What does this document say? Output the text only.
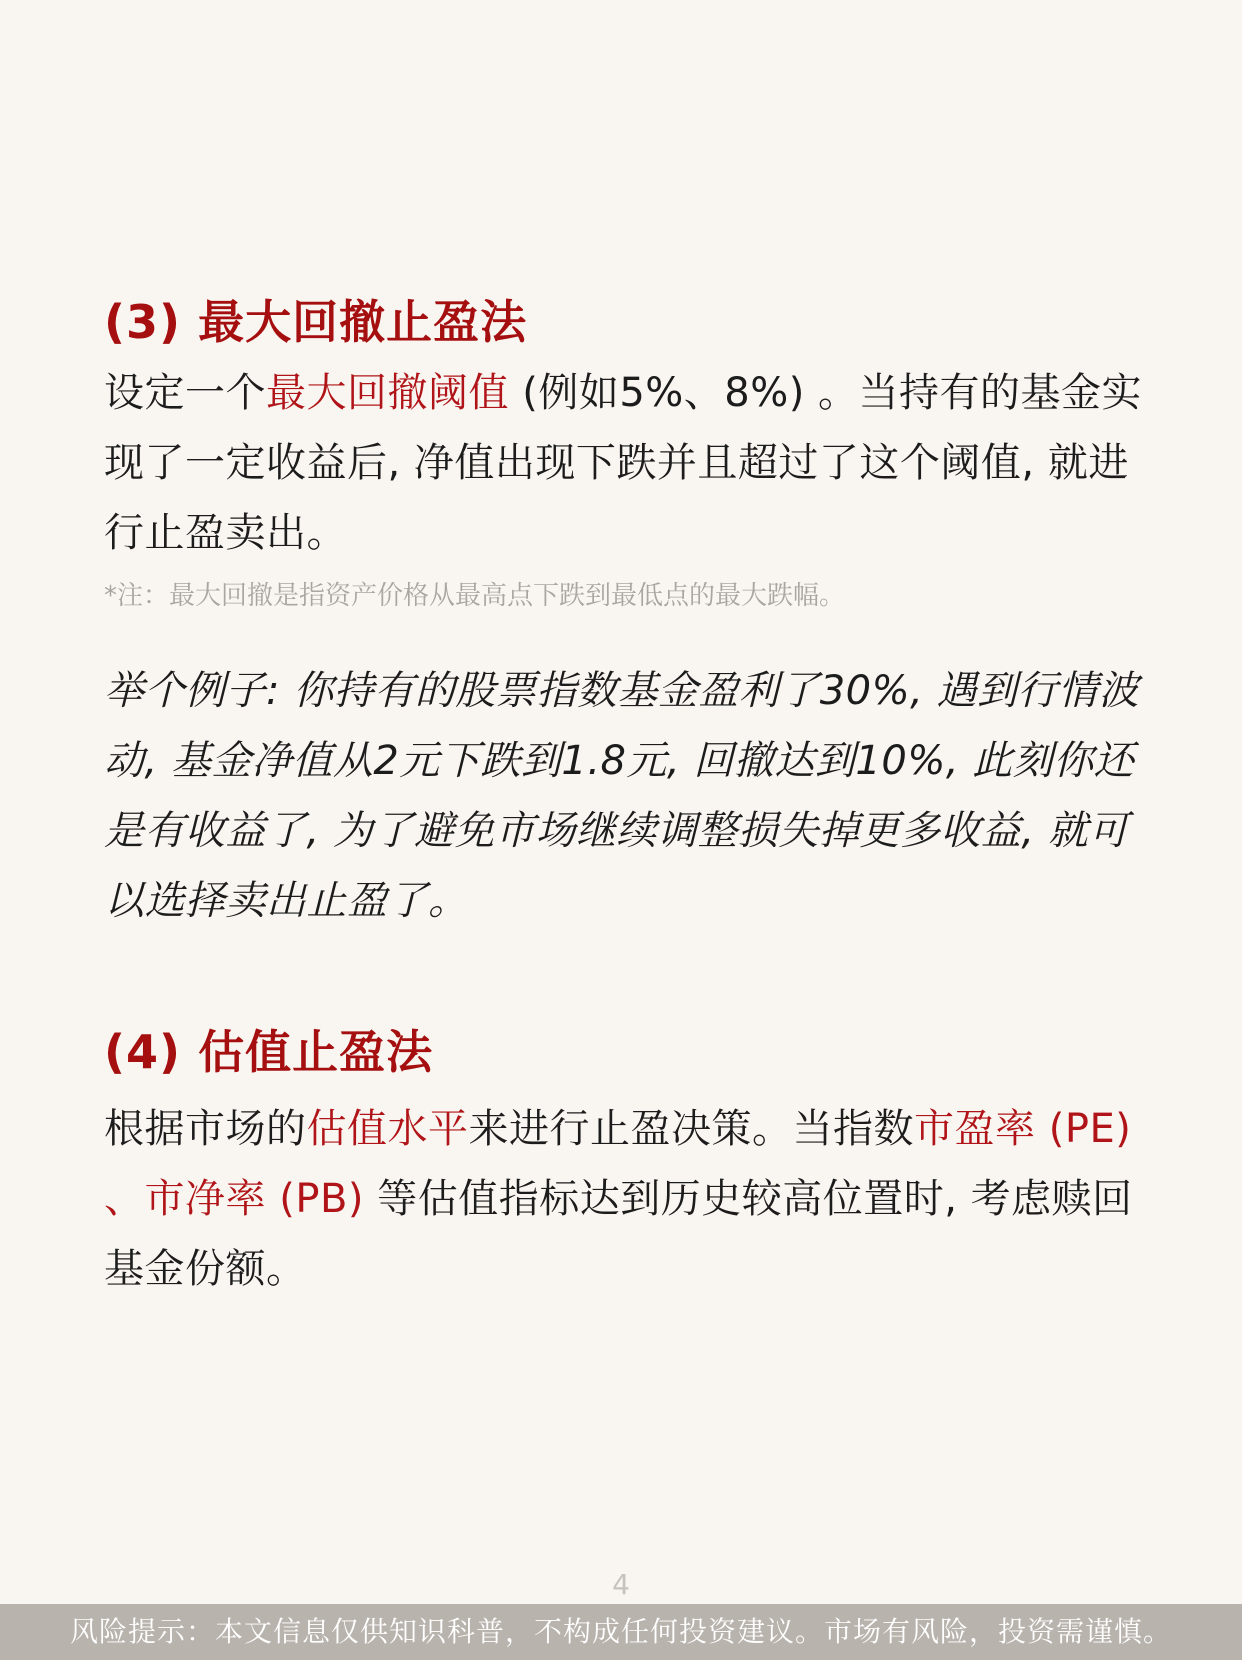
(3) 最大回撤止盈法

设定一个最大回撤阈值 (例如5%、8%) 。当持有的基金实现了一定收益后, 净值出现下跌并且超过了这个阈值, 就进行止盈卖出。

*注：最大回撤是指资产价格从最高点下跌到最低点的最大跌幅。

举个例子: 你持有的股票指数基金盈利了30%, 遇到行情波动, 基金净值从2元下跌到1.8元, 回撤达到10%, 此刻你还是有收益了, 为了避免市场继续调整损失掉更多收益, 就可以选择卖出止盈了。

(4) 估值止盈法

根据市场的估值水平来进行止盈决策。当指数市盈率 (PE) 、市净率 (PB) 等估值指标达到历史较高位置时, 考虑赎回基金份额。

4
风险提示：本文信息仅供知识科普，不构成任何投资建议。市场有风险，投资需谨慎。
